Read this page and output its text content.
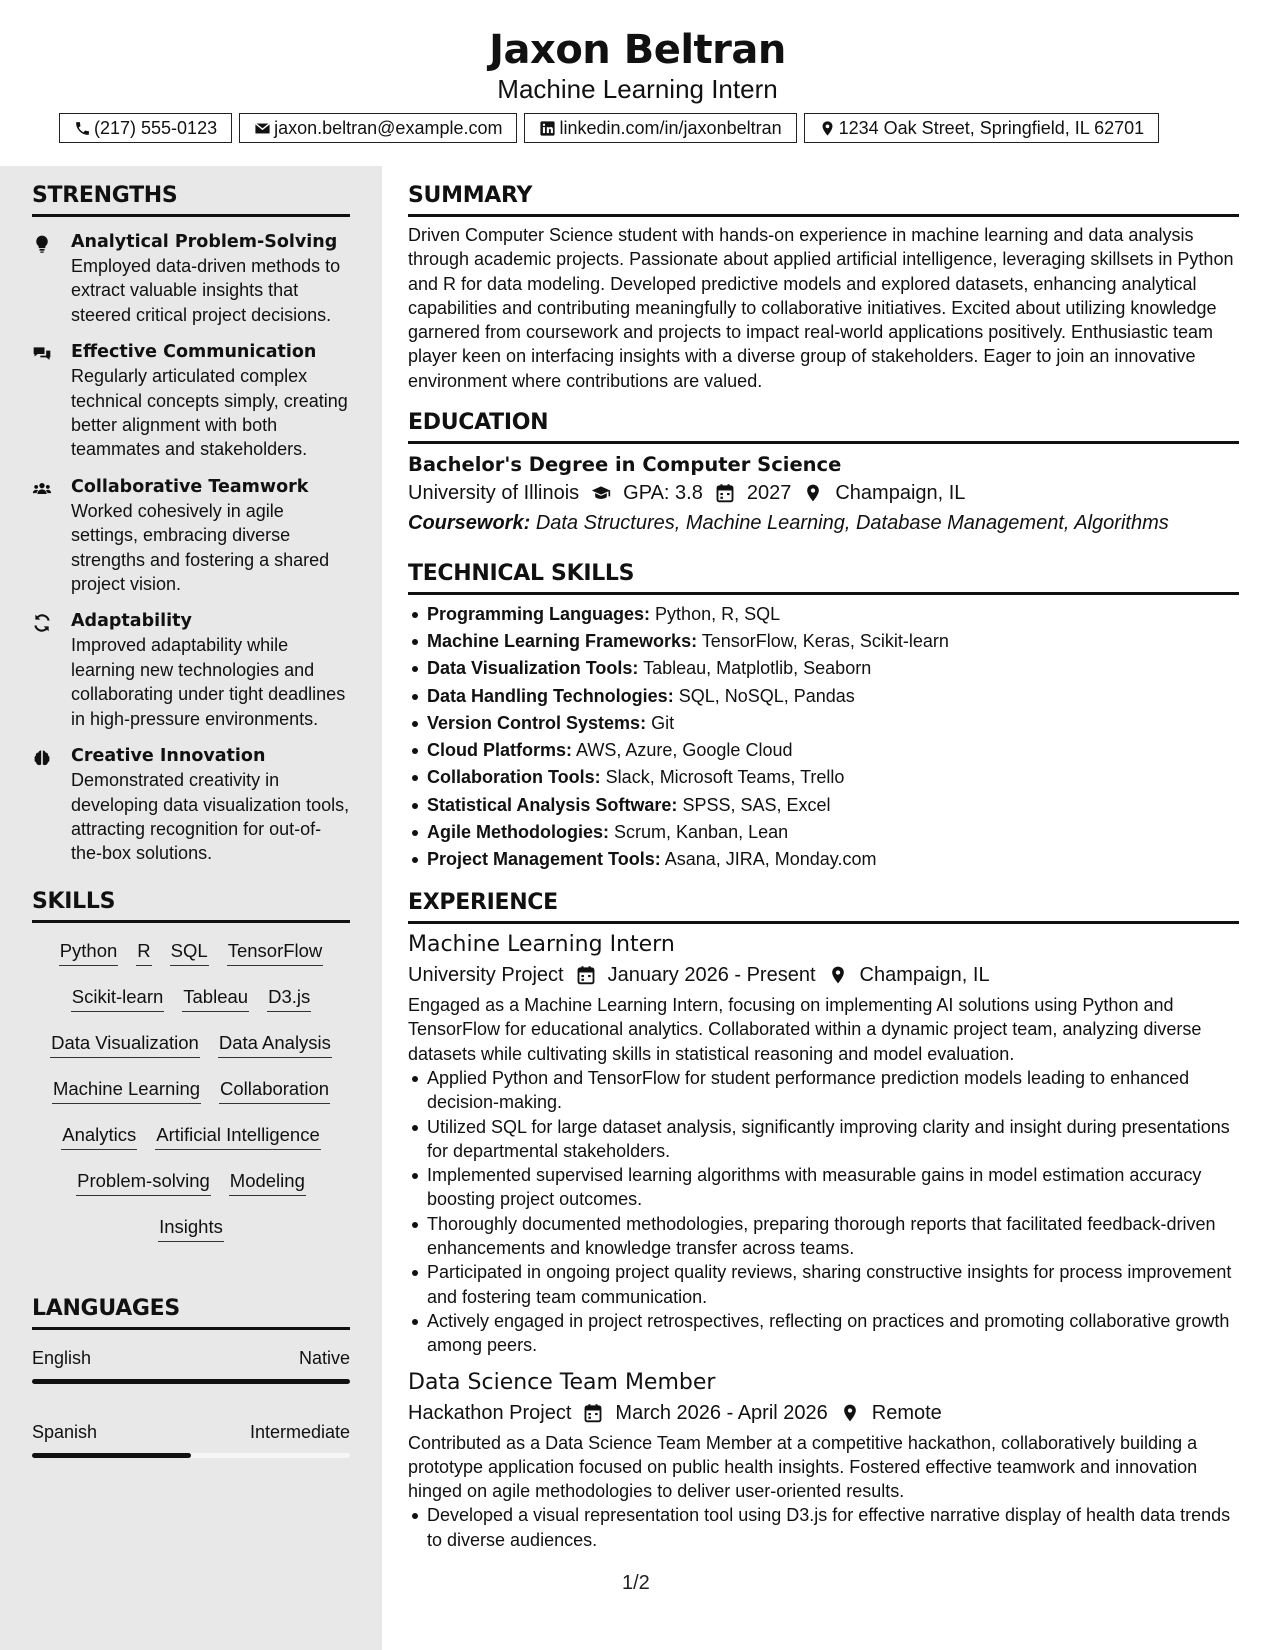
Jaxon Beltran
Machine Learning Intern
(217) 555-0123	jaxon.beltran@example.com	linkedin.com/in/jaxonbeltran	1234 Oak Street, Springfield, IL 62701
STRENGTHS
Analytical Problem-Solving
Employed data-driven methods to extract valuable insights that steered critical project decisions.
Effective Communication
Regularly articulated complex technical concepts simply, creating better alignment with both teammates and stakeholders.
Collaborative Teamwork
Worked cohesively in agile settings, embracing diverse strengths and fostering a shared project vision.
Adaptability
Improved adaptability while learning new technologies and collaborating under tight deadlines in high-pressure environments.
Creative Innovation
Demonstrated creativity in developing data visualization tools, attracting recognition for out-of-the-box solutions.
SKILLS
Python R SQL TensorFlow
Scikit-learn Tableau D3.js
Data Visualization Data Analysis
Machine Learning Collaboration
Analytics Artificial Intelligence
Problem-solving Modeling
Insights
LANGUAGES
English	Native
Spanish	Intermediate
SUMMARY
Driven Computer Science student with hands-on experience in machine learning and data analysis through academic projects. Passionate about applied artificial intelligence, leveraging skillsets in Python and R for data modeling. Developed predictive models and explored datasets, enhancing analytical capabilities and contributing meaningfully to collaborative initiatives. Excited about utilizing knowledge garnered from coursework and projects to impact real-world applications positively. Enthusiastic team player keen on interfacing insights with a diverse group of stakeholders. Eager to join an innovative environment where contributions are valued.
EDUCATION
Bachelor's Degree in Computer Science
University of Illinois GPA: 3.8 2027 Champaign, IL
Coursework: Data Structures, Machine Learning, Database Management, Algorithms
TECHNICAL SKILLS
Programming Languages: Python, R, SQL
Machine Learning Frameworks: TensorFlow, Keras, Scikit-learn
Data Visualization Tools: Tableau, Matplotlib, Seaborn
Data Handling Technologies: SQL, NoSQL, Pandas
Version Control Systems: Git
Cloud Platforms: AWS, Azure, Google Cloud
Collaboration Tools: Slack, Microsoft Teams, Trello
Statistical Analysis Software: SPSS, SAS, Excel
Agile Methodologies: Scrum, Kanban, Lean
Project Management Tools: Asana, JIRA, Monday.com
EXPERIENCE
Machine Learning Intern
University Project January 2026 - Present Champaign, IL
Engaged as a Machine Learning Intern, focusing on implementing AI solutions using Python and TensorFlow for educational analytics. Collaborated within a dynamic project team, analyzing diverse datasets while cultivating skills in statistical reasoning and model evaluation.
Applied Python and TensorFlow for student performance prediction models leading to enhanced decision-making.
Utilized SQL for large dataset analysis, significantly improving clarity and insight during presentations for departmental stakeholders.
Implemented supervised learning algorithms with measurable gains in model estimation accuracy boosting project outcomes.
Thoroughly documented methodologies, preparing thorough reports that facilitated feedback-driven enhancements and knowledge transfer across teams.
Participated in ongoing project quality reviews, sharing constructive insights for process improvement and fostering team communication.
Actively engaged in project retrospectives, reflecting on practices and promoting collaborative growth among peers.
Data Science Team Member
Hackathon Project March 2026 - April 2026 Remote
Contributed as a Data Science Team Member at a competitive hackathon, collaboratively building a prototype application focused on public health insights. Fostered effective teamwork and innovation hinged on agile methodologies to deliver user-oriented results.
Developed a visual representation tool using D3.js for effective narrative display of health data trends to diverse audiences.
1/2
